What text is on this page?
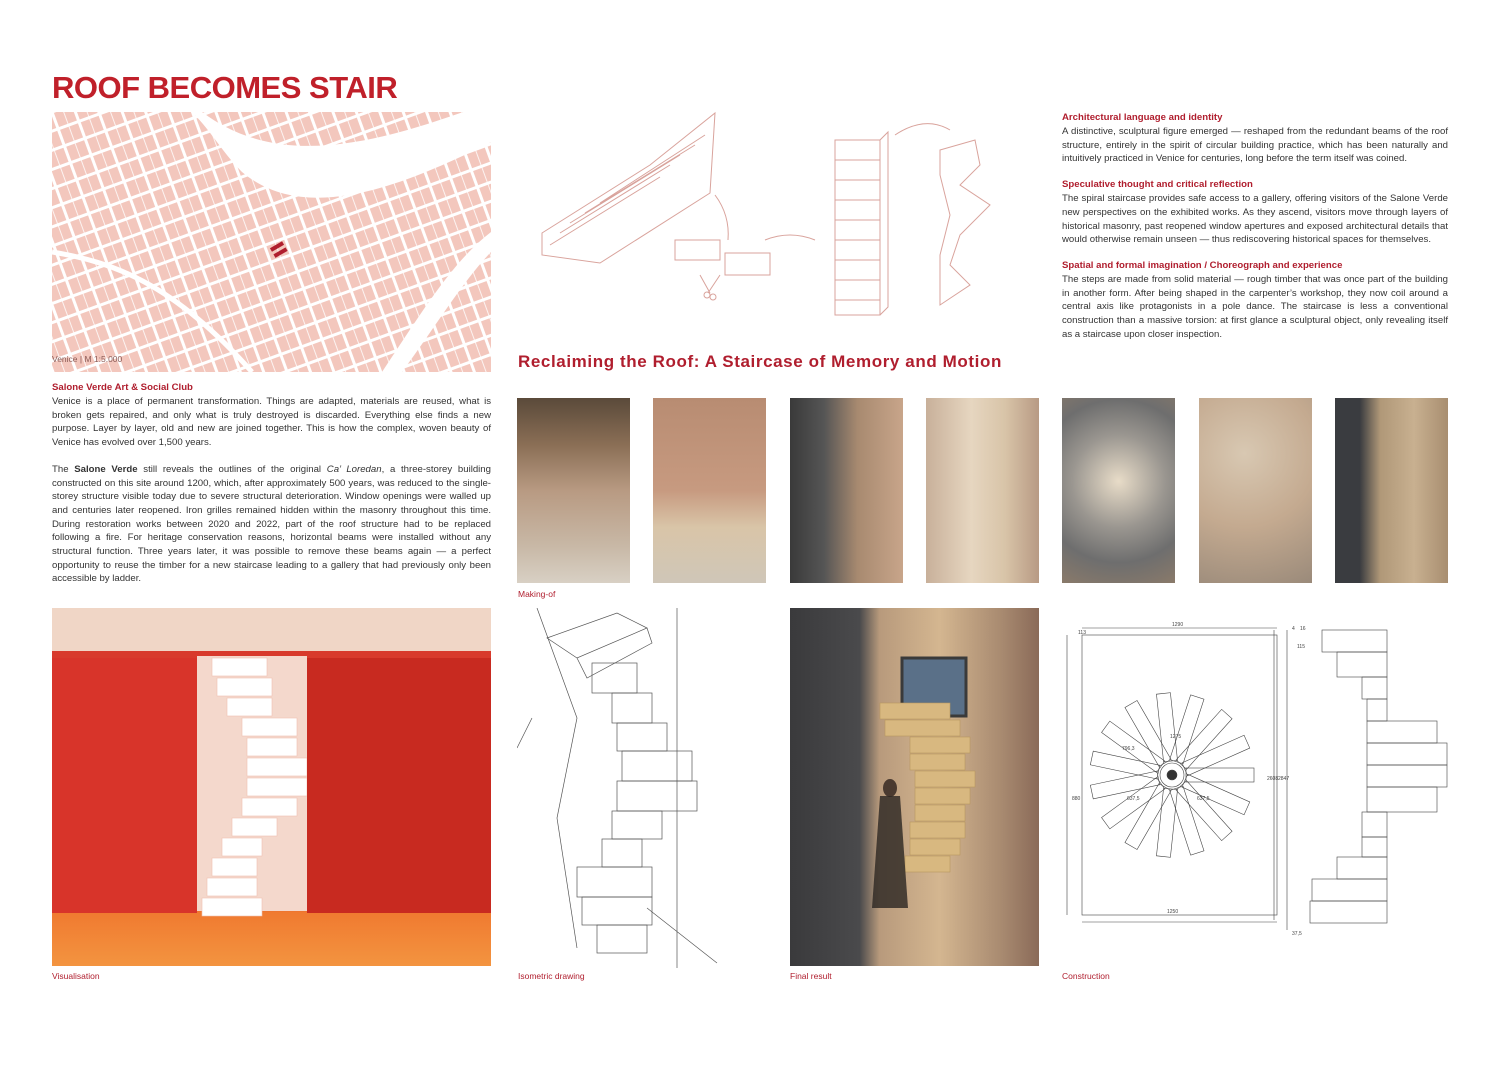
ROOF BECOMES STAIR
Venice | M 1:5.000
Salone Verde Art & Social Club

Venice is a place of permanent transformation. Things are adapted, materials are reused, what is broken gets repaired, and only what is truly destroyed is discarded. Everything else finds a new purpose. Layer by layer, old and new are joined together. This is how the complex, woven beauty of Venice has evolved over 1,500 years.

The Salone Verde still reveals the outlines of the original Ca’ Loredan, a three-storey building constructed on this site around 1200, which, after approximately 500 years, was reduced to the single-storey structure visible today due to severe structural deterioration. Window openings were walled up and centuries later reopened. Iron grilles remained hidden within the masonry throughout this time. During restoration works between 2020 and 2022, part of the roof structure had to be replaced following a fire. For heritage conservation reasons, horizontal beams were installed without any structural function. Three years later, it was possible to remove these beams again — a perfect opportunity to reuse the timber for a new staircase leading to a gallery that had previously only been accessible by ladder.

Reclaiming the Roof: A Staircase of Memory and Motion
Architectural language and identity

A distinctive, sculptural figure emerged — reshaped from the redundant beams of the roof structure, entirely in the spirit of circular building practice, which has been naturally and intuitively practiced in Venice for centuries, long before the term itself was coined.

Speculative thought and critical reflection

The spiral staircase provides safe access to a gallery, offering visitors of the Salone Verde new perspectives on the exhibited works. As they ascend, visitors move through layers of historical masonry, past reopened window apertures and exposed architectural details that would otherwise remain unseen — thus rediscovering historical spaces for themselves.

Spatial and formal imagination / Choreograph and experience

The steps are made from solid material — rough timber that was once part of the building in another form. After being shaped in the carpenter’s workshop, they now coil around a central axis like protagonists in a pole dance. The staircase is less a conventional construction than a massive torsion: at first glance a sculptural object, only revealing itself as a staircase upon closer inspection.

Making-of
Visualisation	Isometric drawing	Final result
1290
1275
796,3
637,5	637,5
1250
2608 2847
880
37,5
4 16
115
113
Construction
